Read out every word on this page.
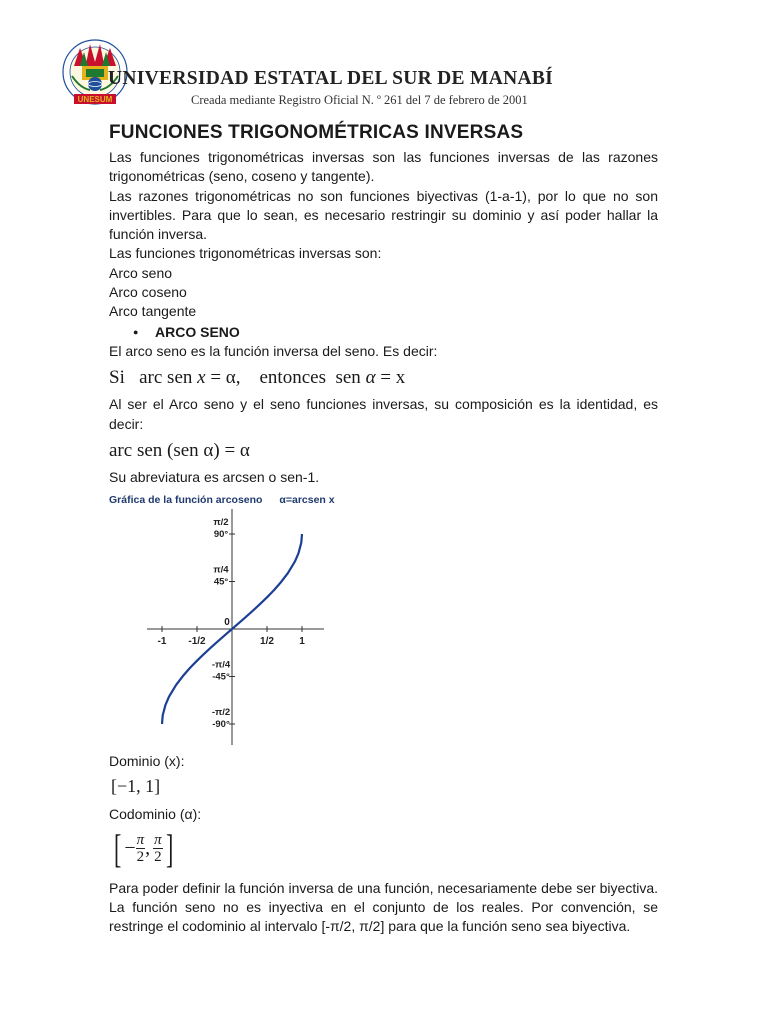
UNESUM
UNIVERSIDAD ESTATAL DEL SUR DE MANABÍ
Creada mediante Registro Oficial N. º 261 del 7 de febrero de 2001
FUNCIONES TRIGONOMÉTRICAS INVERSAS

Las funciones trigonométricas inversas son las funciones inversas de las razones trigonométricas (seno, coseno y tangente).

Las razones trigonométricas no son funciones biyectivas (1-a-1), por lo que no son invertibles. Para que lo sean, es necesario restringir su dominio y así poder hallar la función inversa.

Las funciones trigonométricas inversas son:

Arco seno

Arco coseno

Arco tangente

●	ARCO SENO

El arco seno es la función inversa del seno. Es decir:

Si arc sen x = α, entonces sen α = x

Al ser el Arco seno y el seno funciones inversas, su composición es la identidad, es decir:

arc sen (sen α) = α

Su abreviatura es arcsen o sen-1.

Gráfica de la función arcoseno α=arcsen x
-1 -1/2	1/2	1
π/2
90°
π/4
45°
-π/4
-45°
-π/2
-90°
0

Dominio (x):

[−1, 1]

Codominio (α):

[ − $\frac{\pi}{2}$ , $\frac{\pi}{2}$ ]

Para poder definir la función inversa de una función, necesariamente debe ser biyectiva. La función seno no es inyectiva en el conjunto de los reales. Por convención, se restringe el codominio al intervalo [-π/2, π/2] para que la función seno sea biyectiva.
